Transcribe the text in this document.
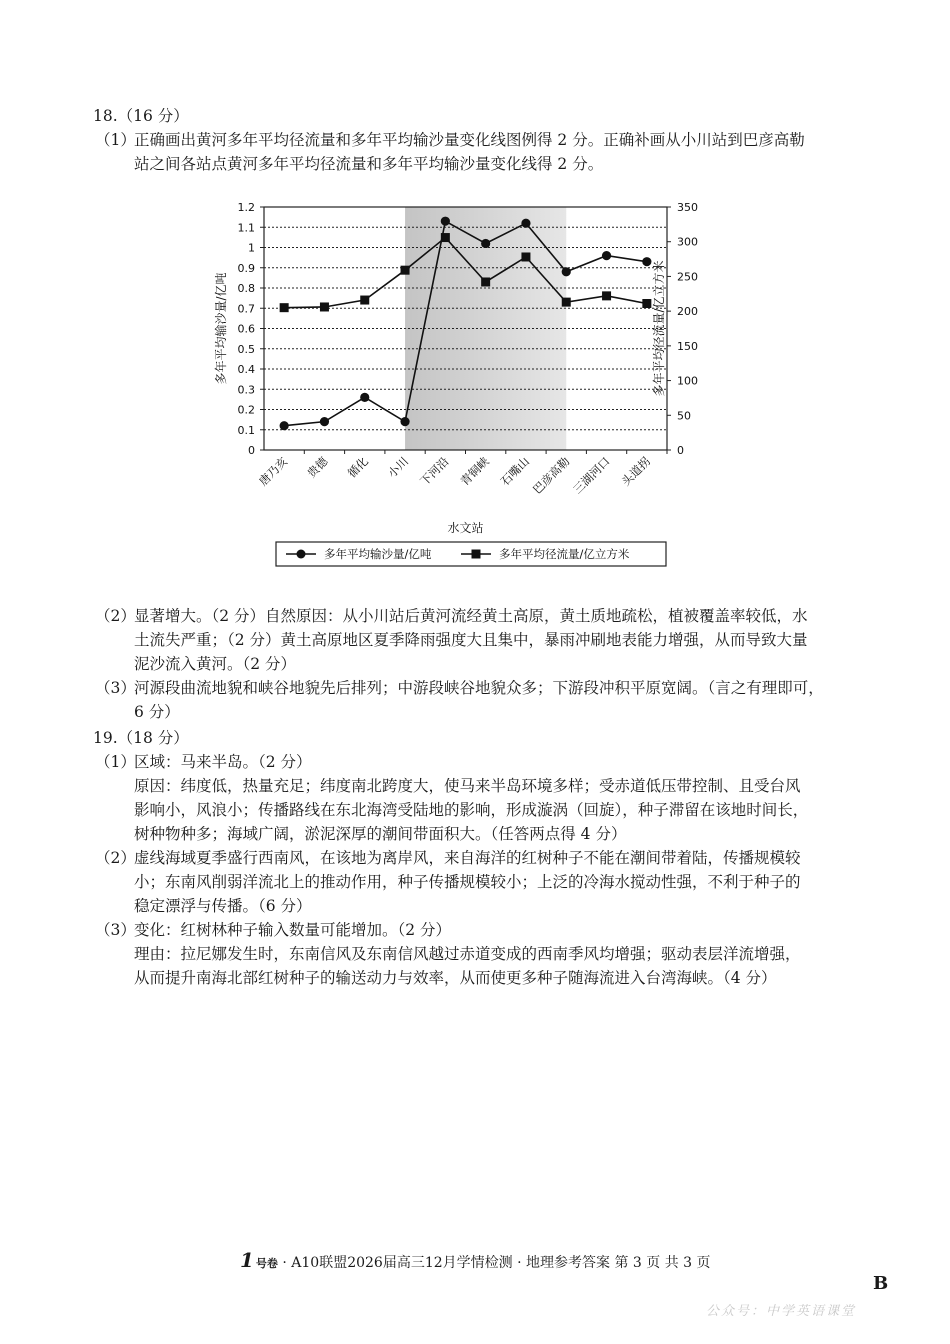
18.（16 分）
（1）
正确画出黄河多年平均径流量和多年平均输沙量变化线图例得 2 分。正确补画从小川站到巴彦高勒
站之间各站点黄河多年平均径流量和多年平均输沙量变化线得 2 分。
0
0.1
0.2
0.3
0.4
0.5
0.6
0.7
0.8
0.9
1
1.1
1.2
0
50
100
150
200
250
300
350
唐乃亥 贵德 循化 小川 下河沿 青铜峡 石嘴山
巴彦高勒
三湖河口 头道拐
多年平均输沙量/亿吨	多年平均径流量/亿立方米
水文站
多年平均输沙量/亿吨	多年平均径流量/亿立方米
（2）
显著增大。（2 分）自然原因：从小川站后黄河流经黄土高原，黄土质地疏松，植被覆盖率较低，水
土流失严重；（2 分）黄土高原地区夏季降雨强度大且集中，暴雨冲刷地表能力增强，从而导致大量
泥沙流入黄河。（2 分）
（3）
河源段曲流地貌和峡谷地貌先后排列；中游段峡谷地貌众多；下游段冲积平原宽阔。（言之有理即可，
6 分）
19.（18 分）
（1）
区域：马来半岛。（2 分）
原因：纬度低，热量充足；纬度南北跨度大，使马来半岛环境多样；受赤道低压带控制、且受台风
影响小，风浪小；传播路线在东北海湾受陆地的影响，形成漩涡（回旋），种子滞留在该地时间长，
树种物种多；海域广阔，淤泥深厚的潮间带面积大。（任答两点得 4 分）
（2）
虚线海域夏季盛行西南风，在该地为离岸风，来自海洋的红树种子不能在潮间带着陆，传播规模较
小；东南风削弱洋流北上的推动作用，种子传播规模较小；上泛的冷海水搅动性强，不利于种子的
稳定漂浮与传播。（6 分）
（3）
变化：红树林种子输入数量可能增加。（2 分）
理由：拉尼娜发生时，东南信风及东南信风越过赤道变成的西南季风均增强；驱动表层洋流增强，
从而提升南海北部红树种子的输送动力与效率，从而使更多种子随海流进入台湾海峡。（4 分）
1 号卷 · A10联盟2026届高三12月学情检测 · 地理参考答案 第 3 页 共 3 页
B
公众号：中学英语课堂
